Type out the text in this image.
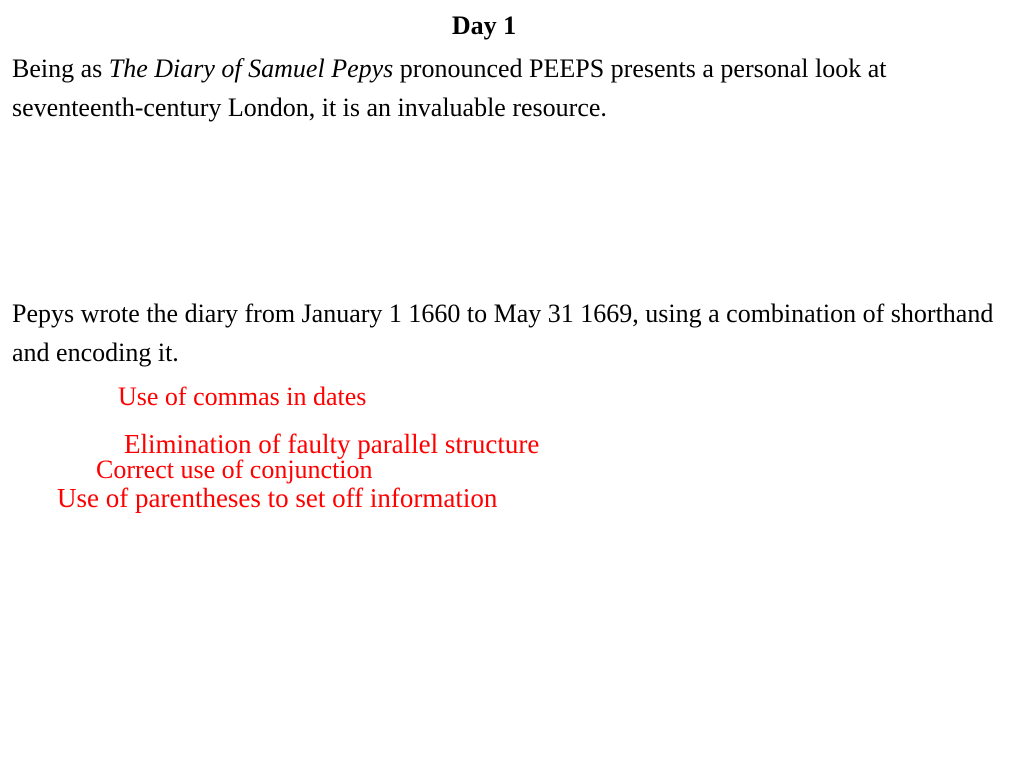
Day 1
Being as The Diary of Samuel Pepys pronounced PEEPS presents a personal look at seventeenth-century London, it is an invaluable resource.
Pepys wrote the diary from January 1 1660 to May 31 1669, using a combination of shorthand and encoding it.
Use of commas in dates
Elimination of faulty parallel structure
Correct use of conjunction
Use of parentheses to set off information
